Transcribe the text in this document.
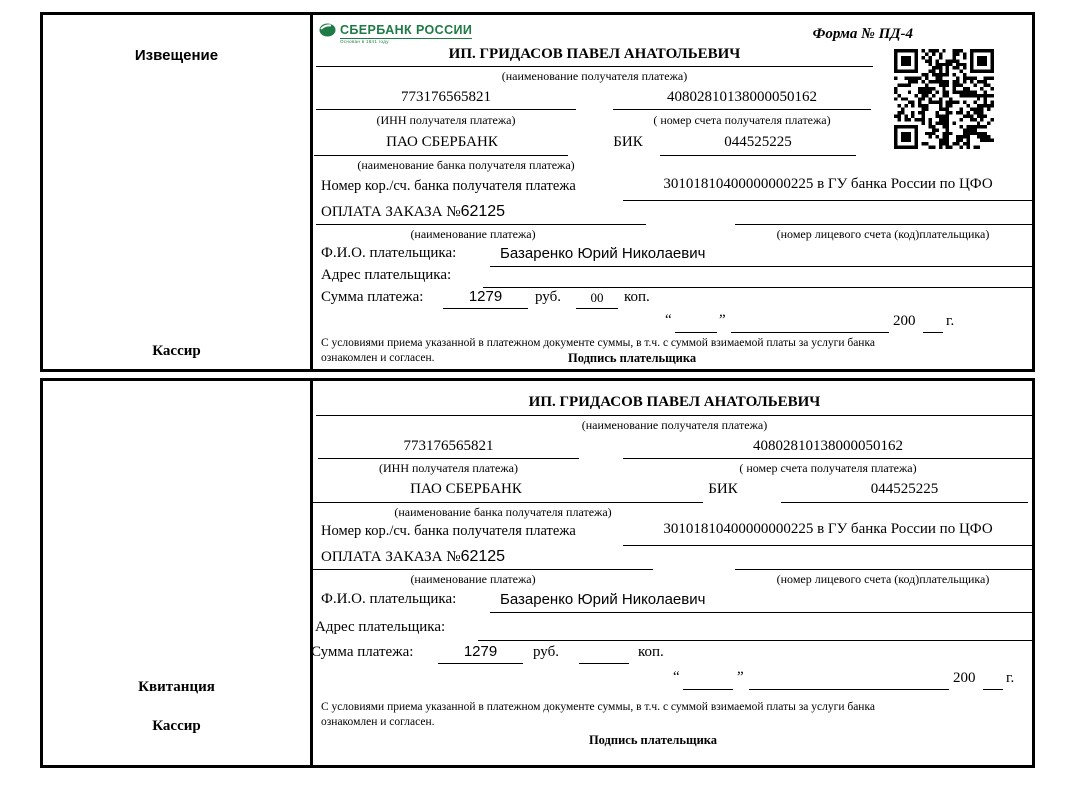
Извещение
Кассир
СБЕРБАНК РОССИИ
Основан в 1841 году	Форма № ПД-4
ИП. ГРИДАСОВ ПАВЕЛ АНАТОЛЬЕВИЧ
(наименование получателя платежа)
773176565821	40802810138000050162
(ИНН получателя платежа)	( номер счета получателя платежа)
ПАО СБЕРБАНК	БИК	044525225
(наименование банка получателя платежа)
Номер кор./сч. банка получателя платежа	30101810400000000225 в ГУ банка России по ЦФО
ОПЛАТА ЗАКАЗА №62125
(наименование платежа)	(номер лицевого счета (код)плательщика)
Ф.И.О. плательщика:	Базаренко Юрий Николаевич
Адрес плательщика:
Сумма платежа:	1279	руб.	00	коп.
“	”	200 г.
С условиями приема указанной в платежном документе суммы, в т.ч. с суммой взимаемой платы за услуги банка
ознакомлен и согласен.	Подпись плательщика
Квитанция
Кассир
ИП. ГРИДАСОВ ПАВЕЛ АНАТОЛЬЕВИЧ
(наименование получателя платежа)
773176565821	40802810138000050162
(ИНН получателя платежа)	( номер счета получателя платежа)
ПАО СБЕРБАНК	БИК	044525225
(наименование банка получателя платежа)
Номер кор./сч. банка получателя платежа	30101810400000000225 в ГУ банка России по ЦФО
ОПЛАТА ЗАКАЗА №62125
(наименование платежа)	(номер лицевого счета (код)плательщика)
Ф.И.О. плательщика:	Базаренко Юрий Николаевич
Адрес плательщика:
Сумма платежа:	1279	руб.	коп.
“	”	200 г.
С условиями приема указанной в платежном документе суммы, в т.ч. с суммой взимаемой платы за услуги банка
ознакомлен и согласен.
Подпись плательщика
